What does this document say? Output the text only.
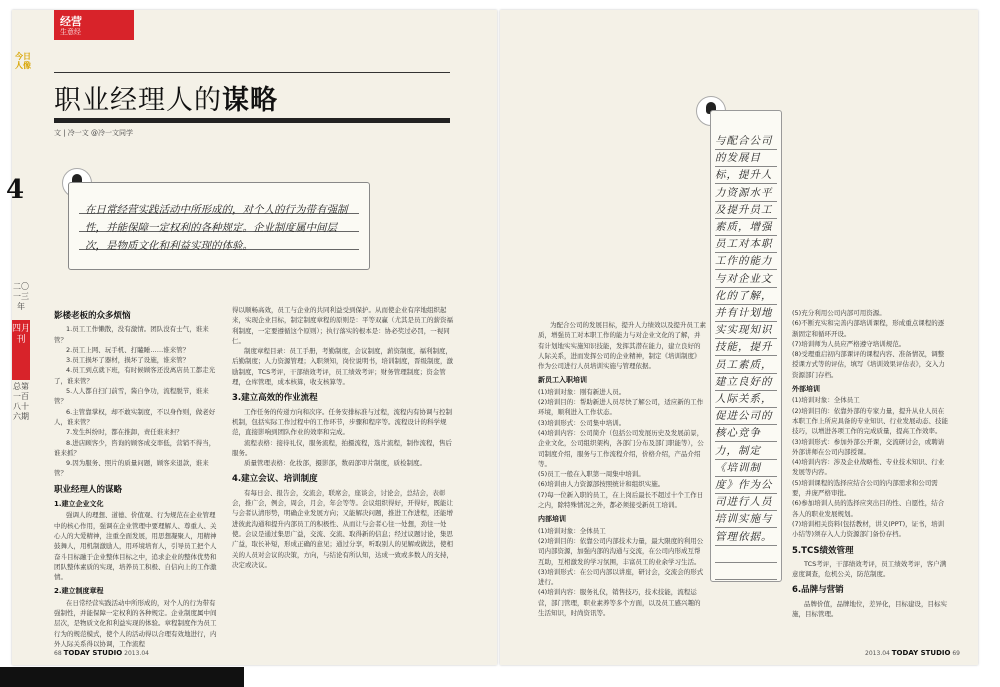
经营
生意经
今日人像
4
二〇一三年
四月刊
总第一百八十六期
职业经理人的谋略
文 | 冷一文 @冷一文同学
在日常经营实践活动中所形成的，对个人的行为带有强制性，并能保障一定权利的各种规定。企业制度属中间层次，是物质文化和利益实现的体验。
影楼老板的众多烦恼

1.员工工作懒散，没有激情。团队没有士气，谁来管？

2.员工上网、玩手机、打瞌睡……谁来管？

3.员工损坏了器材，损坏了设施，谁来管？

4.员工到点就下班，有时候顾客还没离店员工都走光了，谁来管？

5.人人都自扫门前雪，酱自争功，流程脱节，谁来管？

6.主管靠掌权，却不敢实制度，不以身作则，做老好人，谁来管？

7.发生纠纷时，都在推卸，责任谁来担？

8.进店顾客少，咨询的顾客成交率低，营销不得当，谁来抓？

9.因为服务、照片的质量问题，顾客来退款，谁来管？

职业经理人的谋略
1.建立企业文化

强调人的理想、道德、价值观、行为规范在企业管理中的核心作用，强调在企业管理中要理解人、尊重人、关心人的大爱精神，注重全面发展，用思想凝聚人，用精神鼓舞人，用机制激励人，用环境培育人，引导员工把个人奋斗目标融于企业整体目标之中，追求企业的整体优势和团队整体素质的实现，培养员工积极、自信向上的工作激情。

2.建立制度章程

在日常经营实践活动中所形成的，对个人的行为带有强制性，并能保障一定权利的各种规定。企业制度属中间层次，是物质文化和利益实现的体验。章程制度作为员工行为的规范模式，使个人的活动得以合理有效地进行，内外人际关系得以协调，工作流程

得以顺畅高效，员工与企业的共同利益受到保护。从而使企业有序地组织起来，实现企业目标，制定制度章程的原则是：平等双赢（尤其是员工的薪资福利制度，一定要遵循这个原则）；执行落实的根本是：协必奖过必罚，一视同仁。

制度章程目录：员工手册，考勤制度，会议制度，薪资制度，福利制度，后勤制度；人力资源管理；入职须知，岗位说明书，培训制度，晋级制度，激励制度，TCS考评，干部绩效考评，员工绩效考评；财务管理制度；资金管理，仓库管理，成本核算，收支核算等。

3.建立高效的作业流程

工作任务的传递方向和次序。任务安排标准与过程，流程内有协调与控制机制，包括实际工作过程中的工作环节，步骤和程序等。流程设计的科学规范，直接影响到团队作业的效率和完成。

流程表格：接待礼仪，服务流程，拍摄流程，选片流程，制作流程，售后服务。

质量管理表格：化妆部，摄影部，数码部审片制度，质检制度。

4.建立会议、培训制度

有每日会、报告会，交流会，联席会，座谈会，讨论会，总结会，表彰会，推广会，例会，周会，月会，年会等等。会议组织得好，开得好，既能让与会者认清形势，明确企业发展方向；又能解决问题，推进工作进程，还能增进彼此沟通和提升内部员工的积极性、从而让与会者心往一处想，劲往一处使。会议是通过集思广益，交流、交流、取得新的信息；经过议题讨论，集思广益，取长补短，形成正确的意见；通过分享，听取别人的见解或做法，使相关的人员对会议的决策，方向，与结论有所认知，达成一致或多数人的支持，决定或决议。

68 TODAY STUDIO 2013.04

为配合公司的发展目标，提升人力绩效以及提升员工素质，增强员工对本职工作的能力与对企业文化的了解，并有计划地实实施知识技能，发挥其潜在能力，建立良好的人际关系，进而发挥公司的企业精神，制定《培训制度》作为公司进行人员培训实施与管理依据。

新员工入职培训

(1)培训对象：刚有新进人员。

(2)培训目的：帮助新进人员尽快了解公司，适应新的工作环境，顺利进入工作状态。

(3)培训形式：公司集中培训。

(4)培训内容：公司简介（包括公司发展历史及发展前景，企业文化，公司组织架构，各部门分布及部门职能等），公司制度介绍，服务与工作流程介绍，价格介绍，产品介绍等。

(5)员工一般在入职第一周集中培训。

(6)培训由人力资源部按照统计和组织实施。

(7)每一位新入职的员工，在上岗后最长不超过十个工作日之内，除特殊情况之外，都必须接受新员工培训。

内部培训

(1)培训对象：全体员工

(2)培训目的：依靠公司内部技术力量，最大限度的利用公司内部资源，加强内部的沟通与交流，在公司内形成互帮互助，互相激发的学习氛围，丰富员工的业余学习生活。

(3)培训形式：在公司内部以讲座，研讨会，交流会的形式进行。

(4)培训内容：服务礼仪，销售技巧，技术技能，流程运营，部门管理，职业素养等多个方面，以及员工感兴趣的生活知识，时尚资讯等。

与配合公司的发展目标，提升人力资源水平及提升员工素质，增强员工对本职工作的能力与对企业文化的了解，并有计划地实实现知识技能，提升员工素质，建立良好的人际关系，促进公司的核心竞争力，制定《培训制度》作为公司进行人员培训实施与管理依据。

(5)充分利用公司内部可用资源。

(6)不断充实和完善内部培训课程，形成重点课程的逐渐固定和循环开设。

(7)培训师为人员应严格遵守培训规范。

(8)受理重启初内部课评的课程内容、准备情况，调整授课方式等的评估，填写《培训效果评估表》，交入力资源部门存档。

外部培训

(1)培训对象：全体员工

(2)培训目的：依靠外部的专家力量，提升从业人员在本职工作上所应具备的专业知识、行业发展动态、技能技巧，以增进各项工作的完成质量，提高工作效率。

(3)培训形式：参加外部公开课，交流研讨会，或聘请外部讲师在公司内部授课。

(4)培训内容：涉及企业战略性、专业技术知识、行业发展等内容。

(5)培训课程的选择应结合公司的内部需求和公司需要，并庞严格审批。

(6)参加培训人员的选择应突出目的性、自愿性，结合各人的职业发展规划。

(7)培训相关资料(包括教材，讲义(PPT)，证书，培训小结等)须存入人力资源部门备份存档。

5.TCS绩效管理

TCS考评，干部绩效考评，员工绩效考评，客户满意度调查，危机公关，防范制度。

6.品牌与营销

品牌价值，品牌地位，差异化，目标建设，目标实施，目标管理。

2013.04 TODAY STUDIO 69
